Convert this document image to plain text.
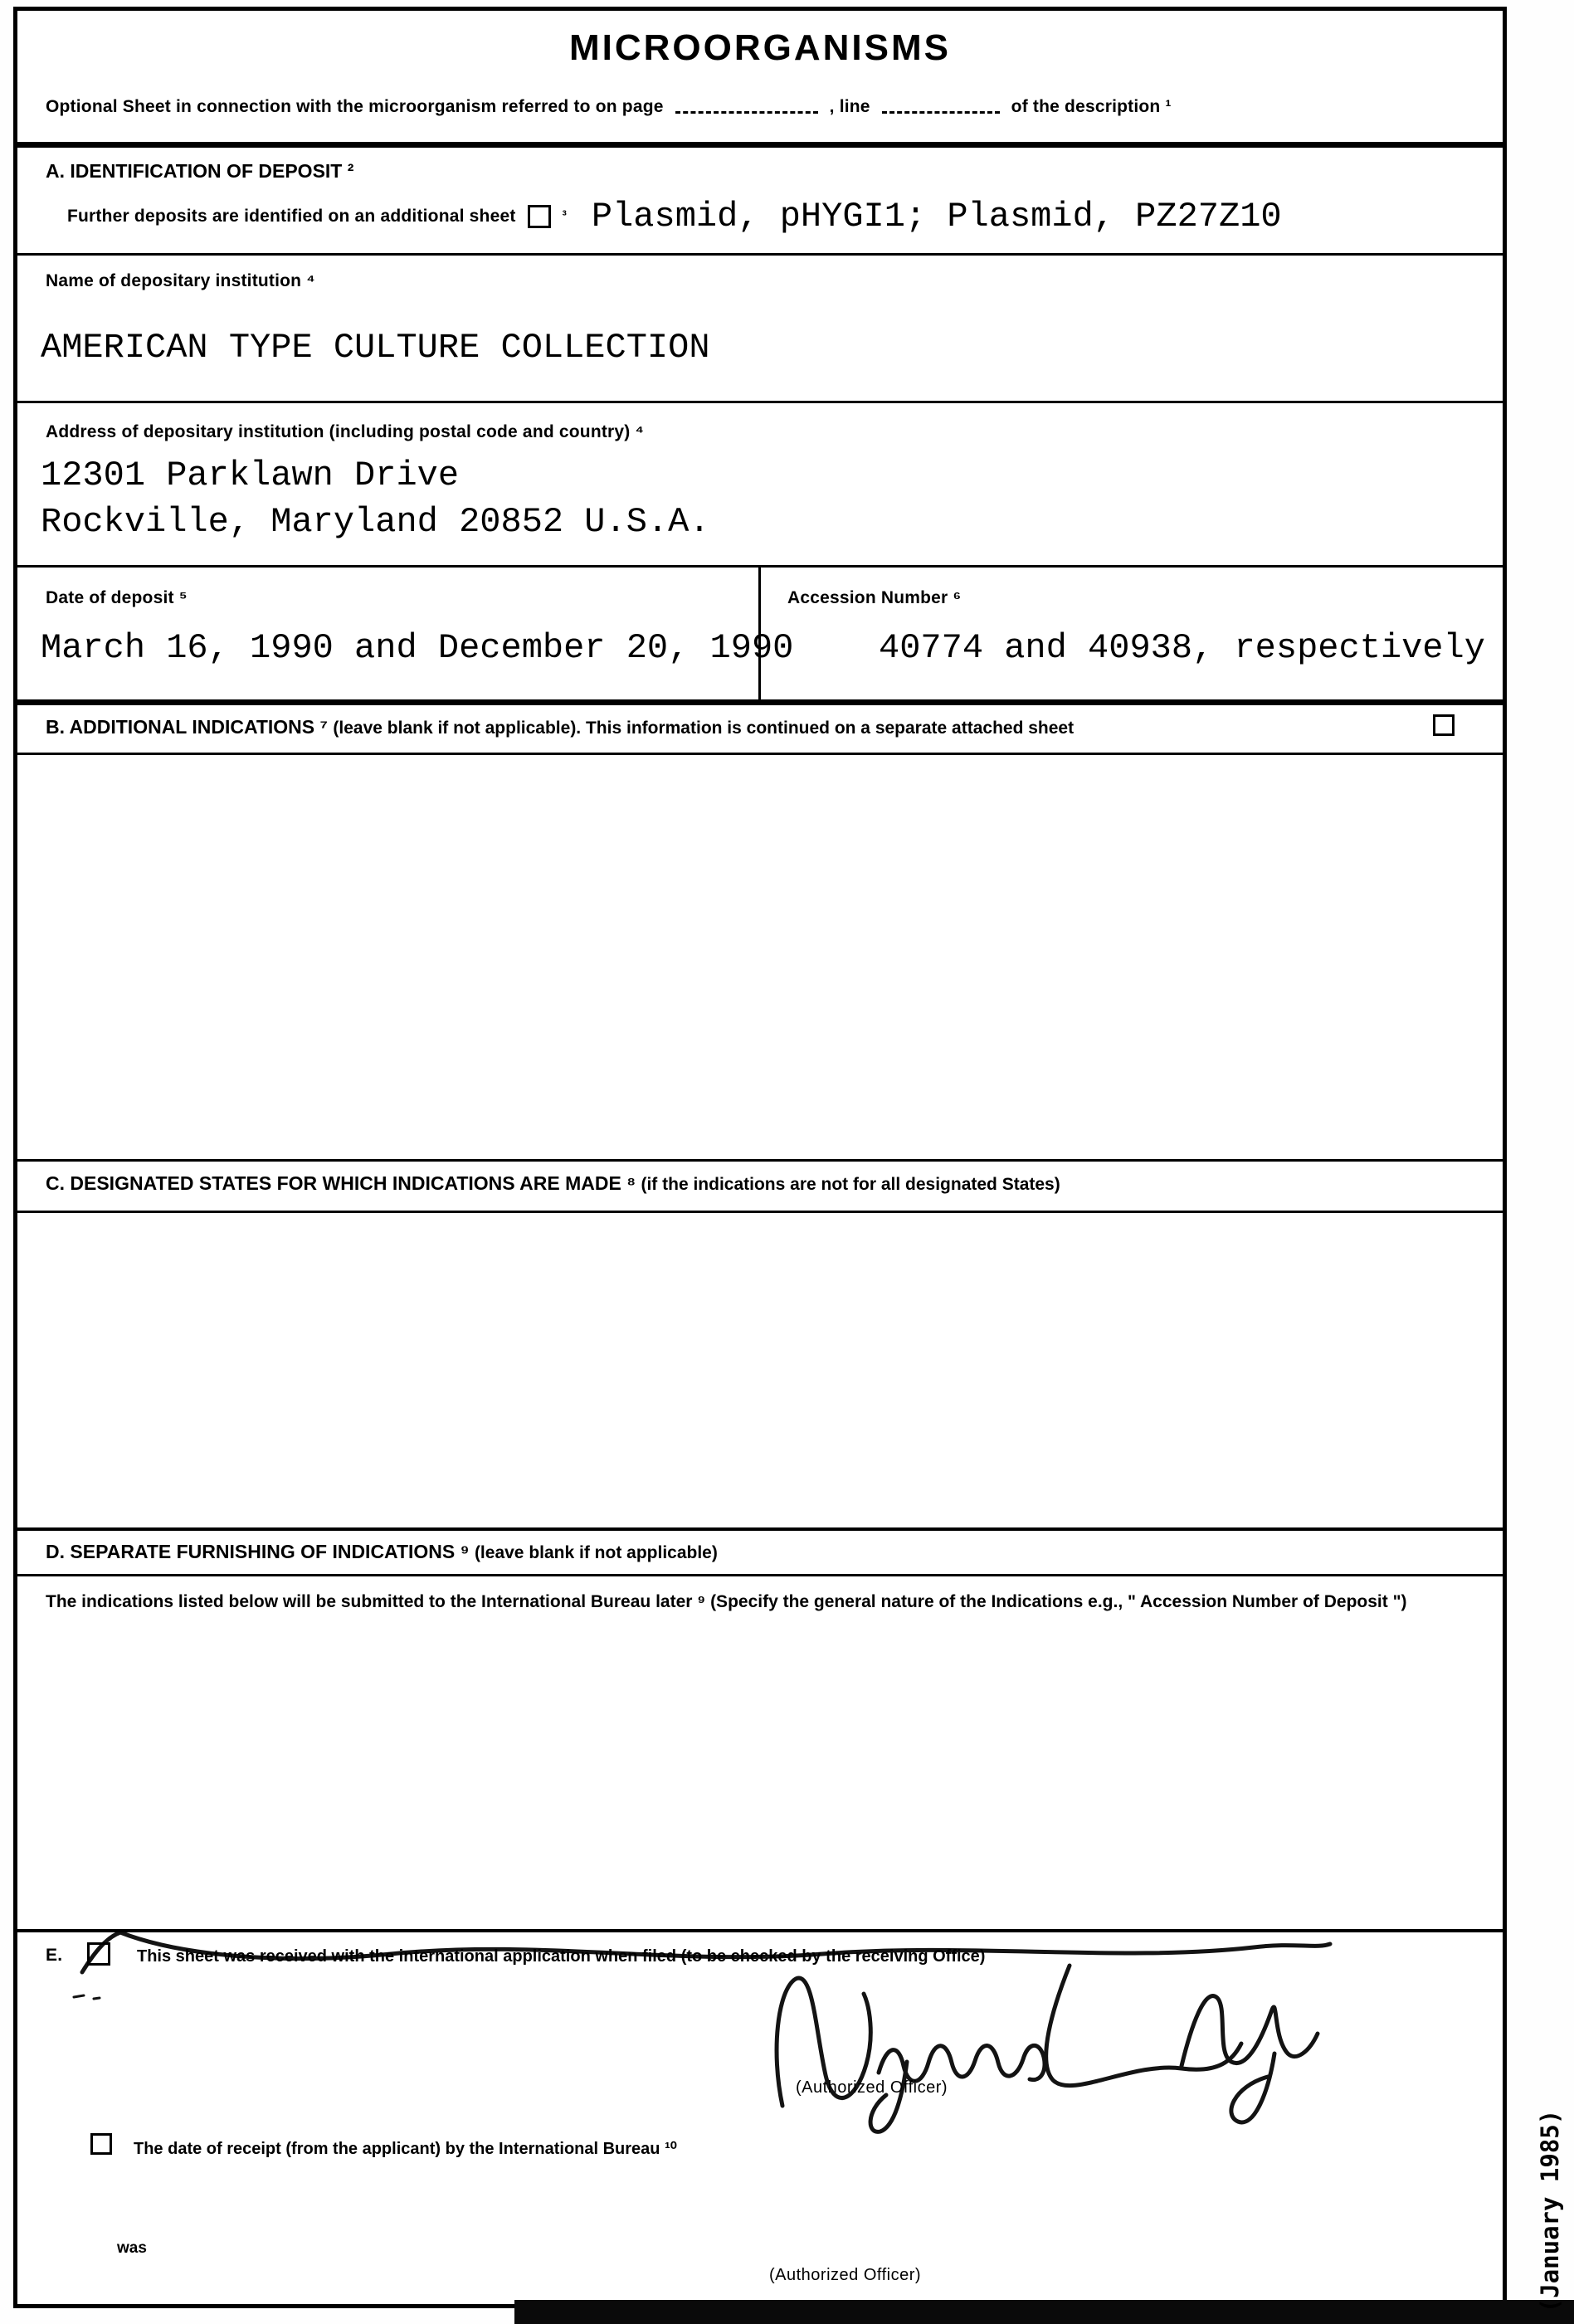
MICROORGANISMS
Optional Sheet in connection with the microorganism referred to on page	, line	of the description ¹
A. IDENTIFICATION OF DEPOSIT ²
Further deposits are identified on an additional sheet	³ Plasmid, pHYGI1; Plasmid, PZ27Z10
Name of depositary institution ⁴
AMERICAN TYPE CULTURE COLLECTION
Address of depositary institution (including postal code and country) ⁴
12301 Parklawn Drive
Rockville, Maryland 20852 U.S.A.
Date of deposit ⁵	Accession Number ⁶
March 16, 1990 and December 20, 1990 40774 and 40938, respectively
B. ADDITIONAL INDICATIONS ⁷ (leave blank if not applicable). This information is continued on a separate attached sheet
C. DESIGNATED STATES FOR WHICH INDICATIONS ARE MADE ⁸ (if the indications are not for all designated States)
D. SEPARATE FURNISHING OF INDICATIONS ⁹ (leave blank if not applicable)
The indications listed below will be submitted to the International Bureau later ⁹ (Specify the general nature of the Indications e.g., " Accession Number of Deposit ")
E.	This sheet was received with the international application when filed (to be checked by the receiving Office)
(Authorized Officer)
The date of receipt (from the applicant) by the International Bureau ¹⁰
was
(Authorized Officer)	(January 1985)
